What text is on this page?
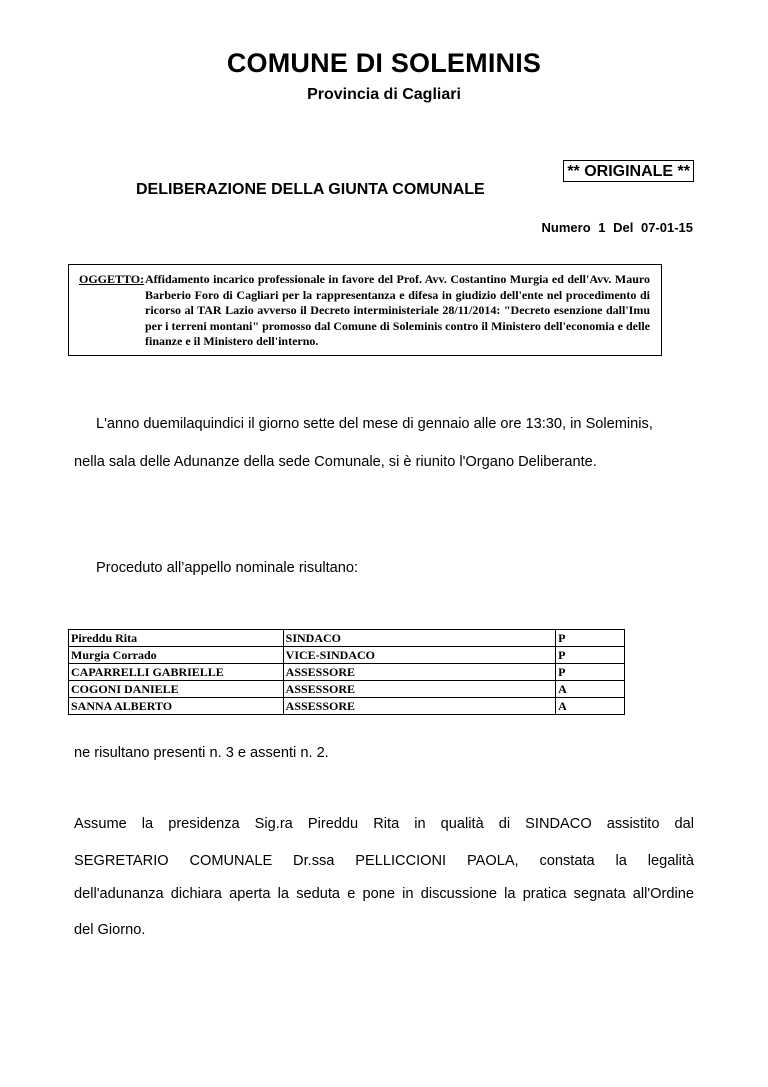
COMUNE DI SOLEMINIS
Provincia di Cagliari
** ORIGINALE **
DELIBERAZIONE DELLA GIUNTA COMUNALE
Numero 1 Del 07-01-15
OGGETTO: Affidamento incarico professionale in favore del Prof. Avv. Costantino Murgia ed dell'Avv. Mauro Barberio Foro di Cagliari per la rappresentanza e difesa in giudizio dell'ente nel procedimento di ricorso al TAR Lazio avverso il Decreto interministeriale 28/11/2014: "Decreto esenzione dall'Imu per i terreni montani" promosso dal Comune di Soleminis contro il Ministero dell'economia e delle finanze e il Ministero dell'interno.
L'anno duemilaquindici il giorno sette del mese di gennaio alle ore 13:30, in Soleminis,
nella sala delle Adunanze della sede Comunale, si è riunito l'Organo Deliberante.
Proceduto all’appello nominale risultano:
Pireddu Rita	SINDACO	P
Murgia Corrado	VICE-SINDACO	P
CAPARRELLI GABRIELLE	ASSESSORE	P
COGONI DANIELE	ASSESSORE	A
SANNA ALBERTO	ASSESSORE	A
ne risultano presenti n. 3 e assenti n. 2.
Assume la presidenza Sig.ra Pireddu Rita in qualità di SINDACO assistito dal
SEGRETARIO COMUNALE Dr.ssa PELLICCIONI PAOLA, constata la legalità
dell'adunanza dichiara aperta la seduta e pone in discussione la pratica segnata all'Ordine
del Giorno.
